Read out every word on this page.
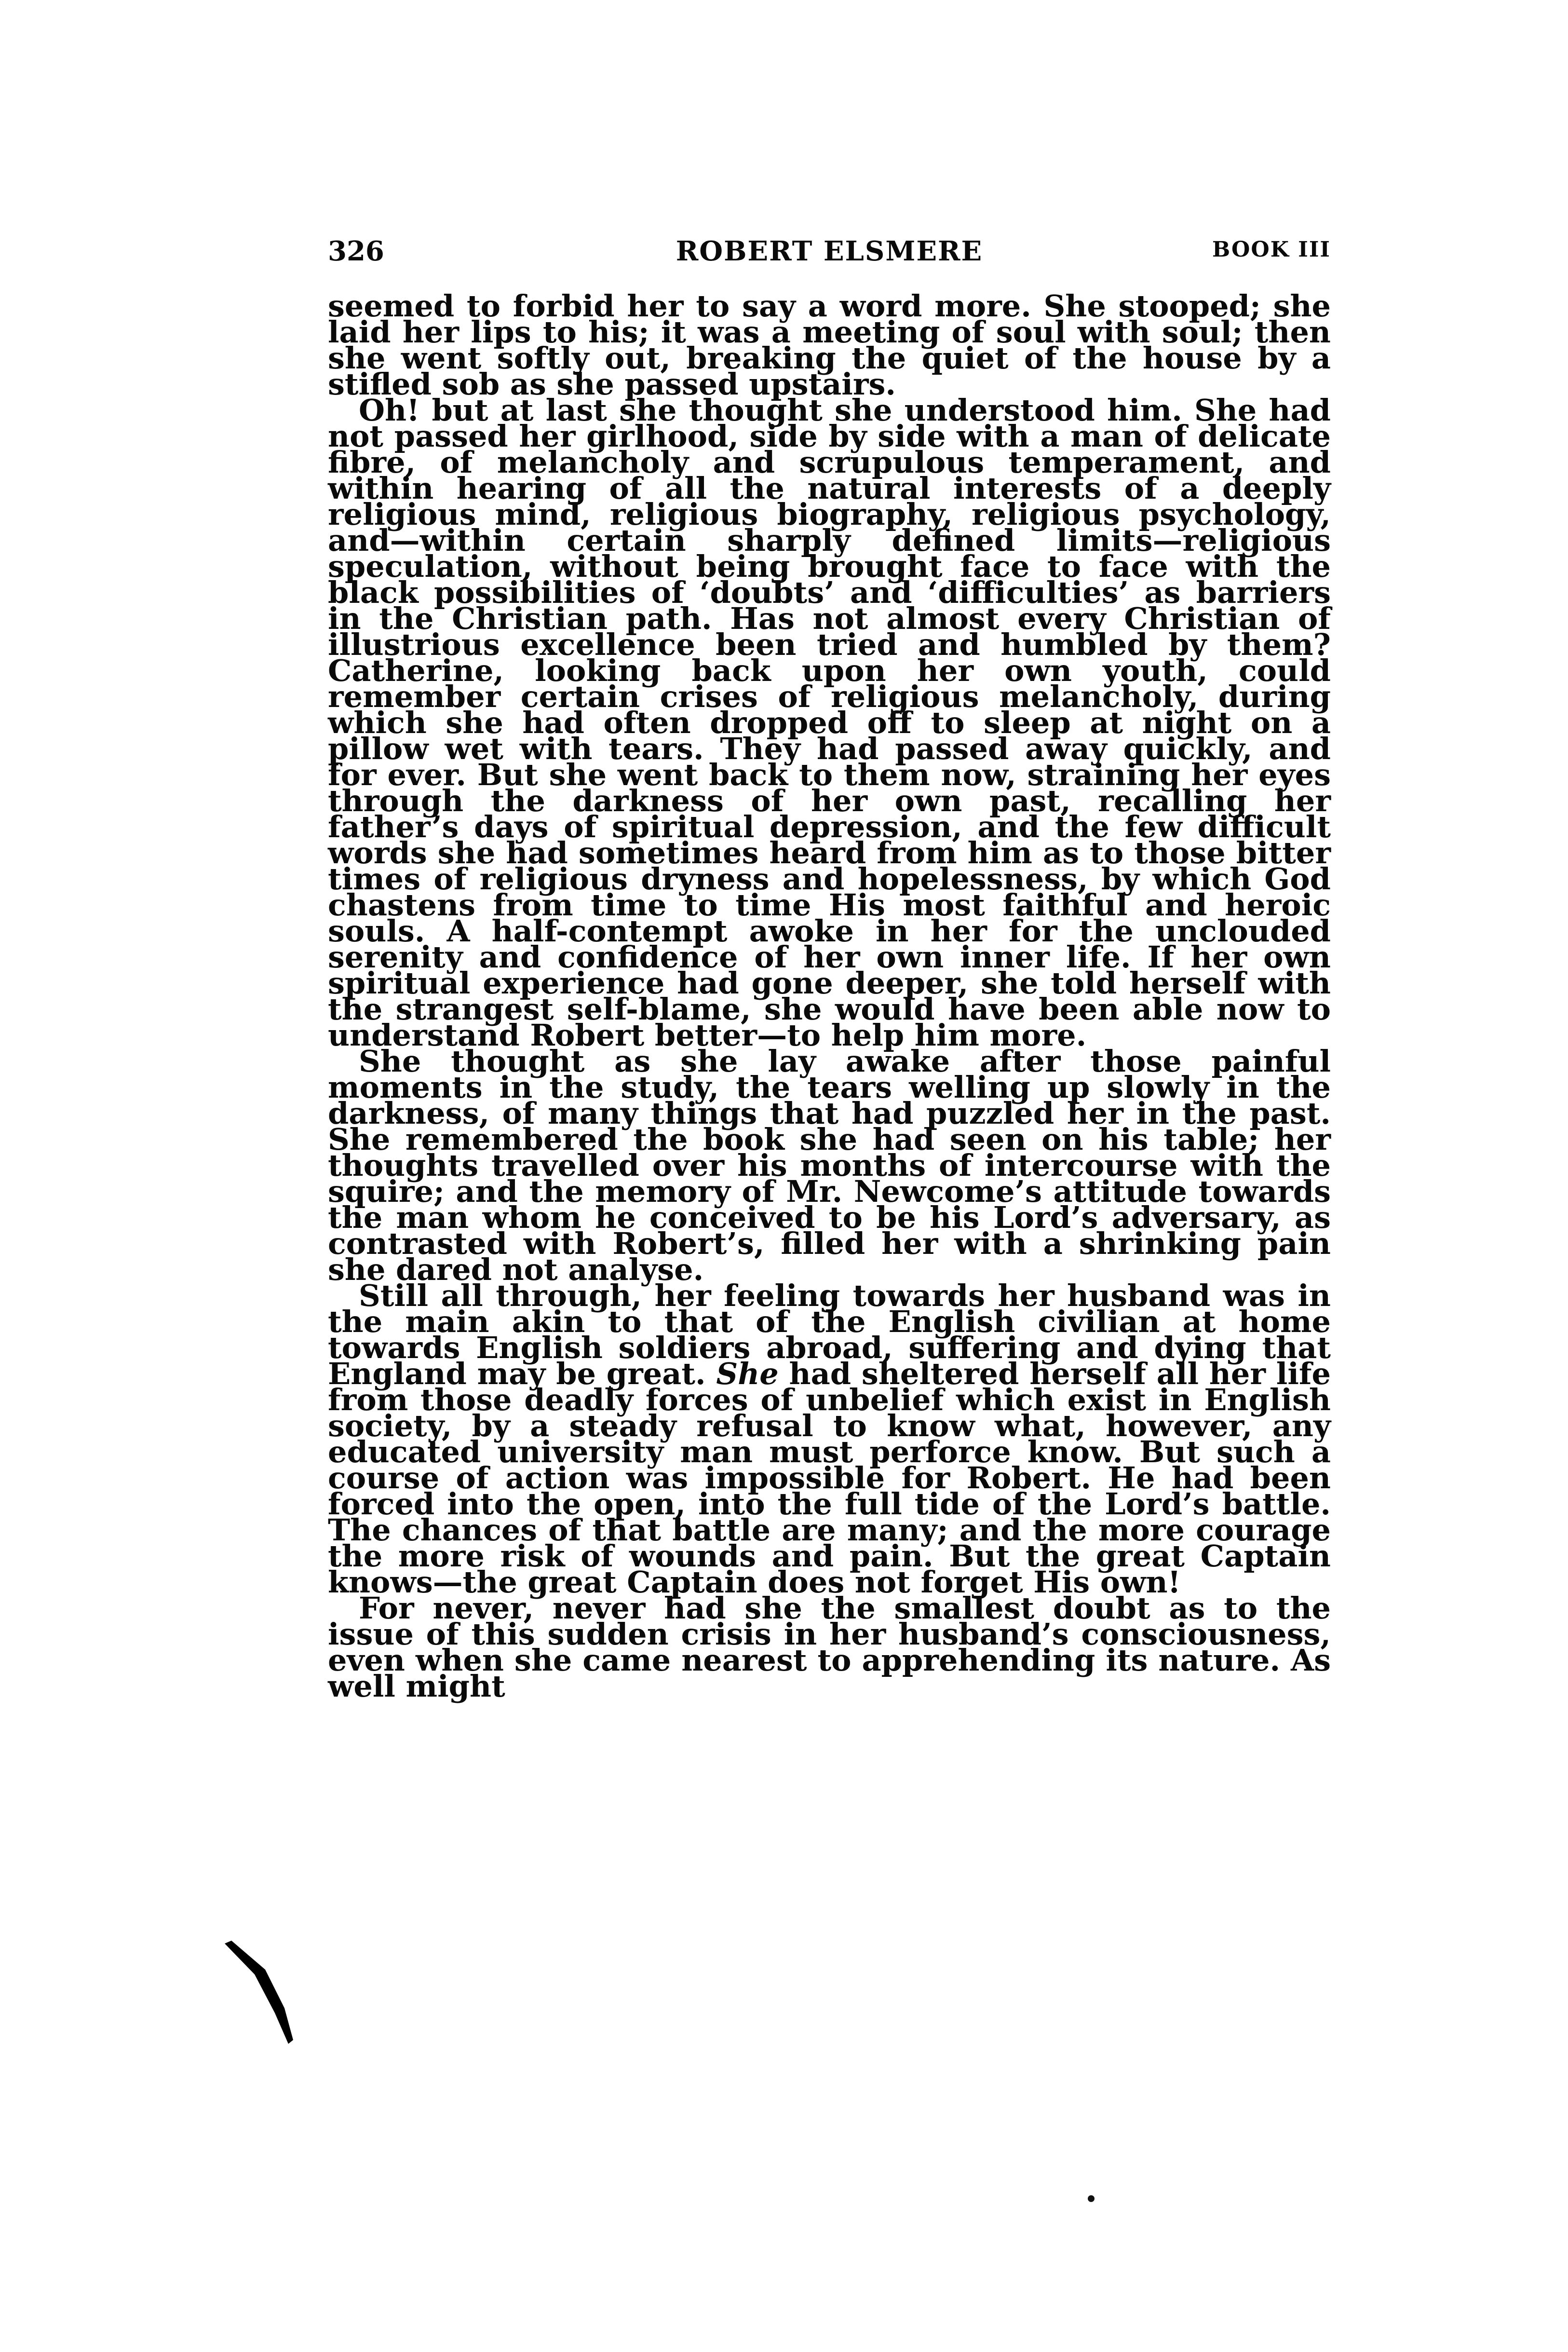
326	ROBERT ELSMERE	BOOK III

seemed to forbid her to say a word more. She stooped; she laid her lips to his; it was a meeting of soul with soul; then she went softly out, breaking the quiet of the house by a stifled sob as she passed upstairs.

Oh! but at last she thought she understood him. She had not passed her girlhood, side by side with a man of delicate fibre, of melancholy and scrupulous temperament, and within hearing of all the natural interests of a deeply religious mind, religious biography, religious psychology, and—within certain sharply defined limits—religious speculation, without being brought face to face with the black possibilities of ‘doubts’ and ‘difficulties’ as barriers in the Christian path. Has not almost every Christian of illustrious excellence been tried and humbled by them? Catherine, looking back upon her own youth, could remember certain crises of religious melancholy, during which she had often dropped off to sleep at night on a pillow wet with tears. They had passed away quickly, and for ever. But she went back to them now, straining her eyes through the darkness of her own past, recalling her father’s days of spiritual depression, and the few difficult words she had sometimes heard from him as to those bitter times of religious dryness and hopelessness, by which God chastens from time to time His most faithful and heroic souls. A half-contempt awoke in her for the unclouded serenity and confidence of her own inner life. If her own spiritual experience had gone deeper, she told herself with the strangest self-blame, she would have been able now to understand Robert better—to help him more.

She thought as she lay awake after those painful moments in the study, the tears welling up slowly in the darkness, of many things that had puzzled her in the past. She remembered the book she had seen on his table; her thoughts travelled over his months of intercourse with the squire; and the memory of Mr. Newcome’s attitude towards the man whom he conceived to be his Lord’s adversary, as contrasted with Robert’s, filled her with a shrinking pain she dared not analyse.

Still all through, her feeling towards her husband was in the main akin to that of the English civilian at home towards English soldiers abroad, suffering and dying that England may be great. She had sheltered herself all her life from those deadly forces of unbelief which exist in English society, by a steady refusal to know what, however, any educated university man must perforce know. But such a course of action was impossible for Robert. He had been forced into the open, into the full tide of the Lord’s battle. The chances of that battle are many; and the more courage the more risk of wounds and pain. But the great Captain knows—the great Captain does not forget His own!

For never, never had she the smallest doubt as to the issue of this sudden crisis in her husband’s consciousness, even when she came nearest to apprehending its nature. As well might
